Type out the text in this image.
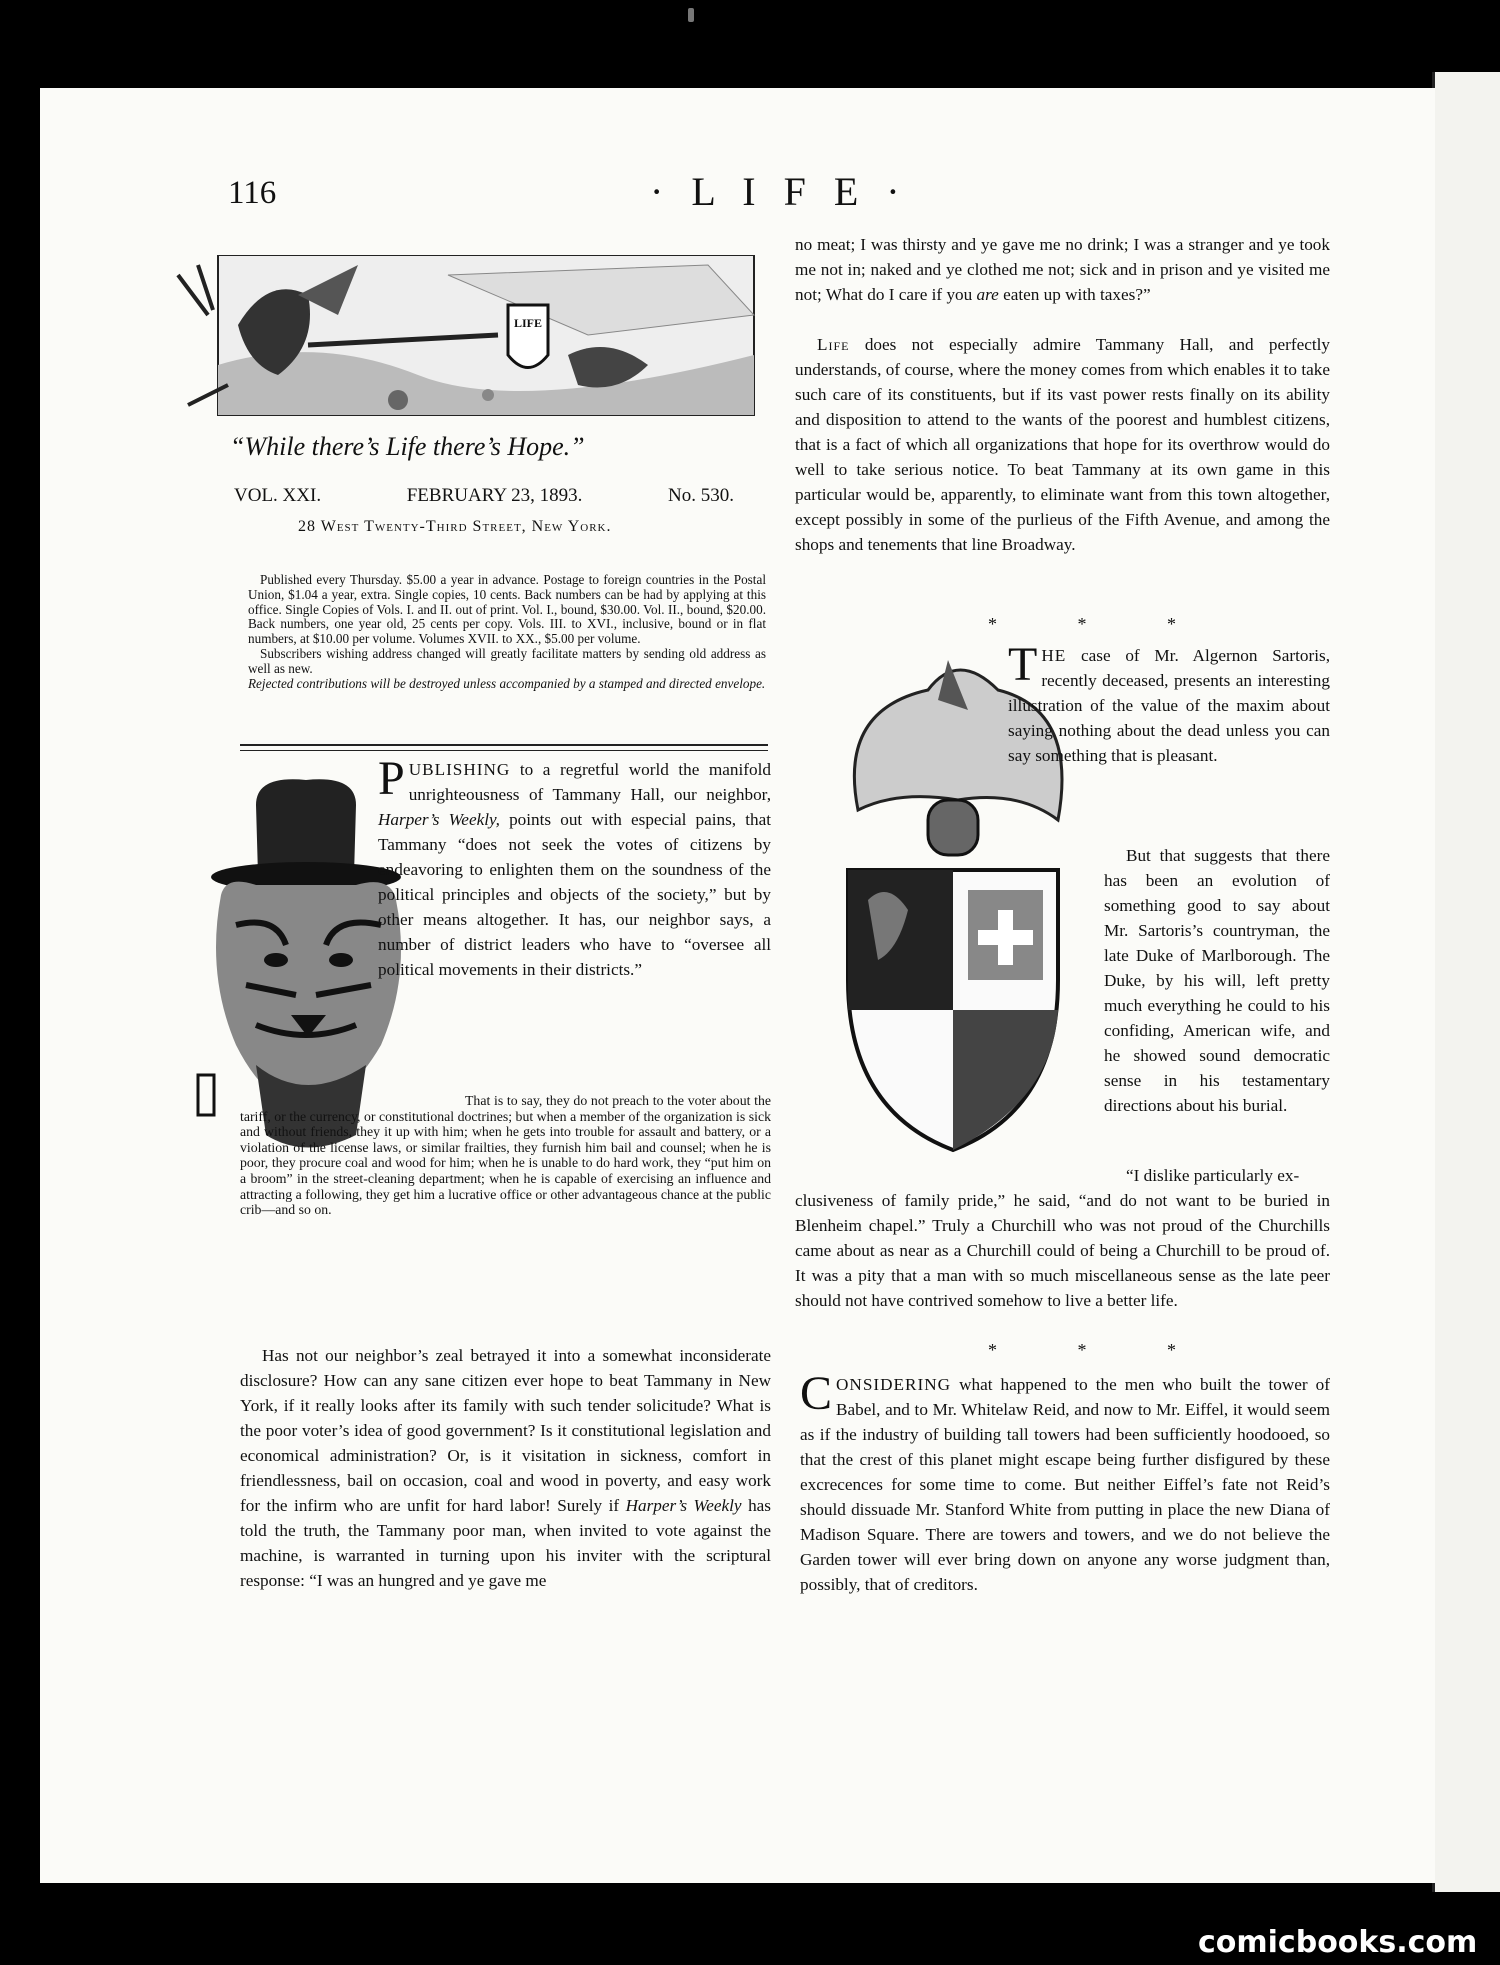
116	· L I F E ·
LIFE
“While there’s Life there’s Hope.”
VOL. XXI.	FEBRUARY 23, 1893.	No. 530.
28 West Twenty-Third Street, New York.

Published every Thursday. $5.00 a year in advance. Postage to foreign countries in the Postal Union, $1.04 a year, extra. Single copies, 10 cents. Back numbers can be had by applying at this office. Single Copies of Vols. I. and II. out of print. Vol. I., bound, $30.00. Vol. II., bound, $20.00. Back numbers, one year old, 25 cents per copy. Vols. III. to XVI., inclusive, bound or in flat numbers, at $10.00 per volume. Volumes XVII. to XX., $5.00 per volume.

Subscribers wishing address changed will greatly facilitate matters by sending old address as well as new.

Rejected contributions will be destroyed unless accompanied by a stamped and directed envelope.

PUBLISHING to a regretful world the manifold unrighteousness of Tammany Hall, our neighbor, Harper’s Weekly, points out with especial pains, that Tammany “does not seek the votes of citizens by endeavoring to enlighten them on the soundness of the political principles and objects of the society,” but by other means altogether. It has, our neighbor says, a number of district leaders who have to “oversee all political movements in their districts.”
That is to say, they do not preach to the voter about the tariff, or the currency, or constitutional doctrines; but when a member of the organization is sick and without friends, they it up with him; when he gets into trouble for assault and battery, or a violation of the license laws, or similar frailties, they furnish him bail and counsel; when he is poor, they procure coal and wood for him; when he is unable to do hard work, they “put him on a broom” in the street-cleaning department; when he is capable of exercising an influence and attracting a following, they get him a lucrative office or other advantageous chance at the public crib—and so on.
Has not our neighbor’s zeal betrayed it into a somewhat inconsiderate disclosure? How can any sane citizen ever hope to beat Tammany in New York, if it really looks after its family with such tender solicitude? What is the poor voter’s idea of good government? Is it constitutional legislation and economical administration? Or, is it visitation in sickness, comfort in friendlessness, bail on occasion, coal and wood in poverty, and easy work for the infirm who are unfit for hard labor! Surely if Harper’s Weekly has told the truth, the Tammany poor man, when invited to vote against the machine, is warranted in turning upon his inviter with the scriptural response: “I was an hungred and ye gave me
no meat; I was thirsty and ye gave me no drink; I was a stranger and ye took me not in; naked and ye clothed me not; sick and in prison and ye visited me not; What do I care if you are eaten up with taxes?”
Life does not especially admire Tammany Hall, and perfectly understands, of course, where the money comes from which enables it to take such care of its constituents, but if its vast power rests finally on its ability and disposition to attend to the wants of the poorest and humblest citizens, that is a fact of which all organizations that hope for its overthrow would do well to take serious notice. To beat Tammany at its own game in this particular would be, apparently, to eliminate want from this town altogether, except possibly in some of the purlieus of the Fifth Avenue, and among the shops and tenements that line Broadway.
* * *
THE case of Mr. Algernon Sartoris, recently deceased, presents an interesting illustration of the value of the maxim about saying nothing about the dead unless you can say something that is pleasant.
But that suggests that there has been an evolution of something good to say about Mr. Sartoris’s countryman, the late Duke of Marlborough. The Duke, by his will, left pretty much everything he could to his confiding, American wife, and he showed sound democratic sense in his testamentary directions about his burial.
“I dislike particularly ex-
clusiveness of family pride,” he said, “and do not want to be buried in Blenheim chapel.” Truly a Churchill who was not proud of the Churchills came about as near as a Churchill could of being a Churchill to be proud of. It was a pity that a man with so much miscellaneous sense as the late peer should not have contrived somehow to live a better life.
* * *
CONSIDERING what happened to the men who built the tower of Babel, and to Mr. Whitelaw Reid, and now to Mr. Eiffel, it would seem as if the industry of building tall towers had been sufficiently hoodooed, so that the crest of this planet might escape being further disfigured by these excrecences for some time to come. But neither Eiffel’s fate not Reid’s should dissuade Mr. Stanford White from putting in place the new Diana of Madison Square. There are towers and towers, and we do not believe the Garden tower will ever bring down on anyone any worse judgment than, possibly, that of creditors.
comicbooks.com
